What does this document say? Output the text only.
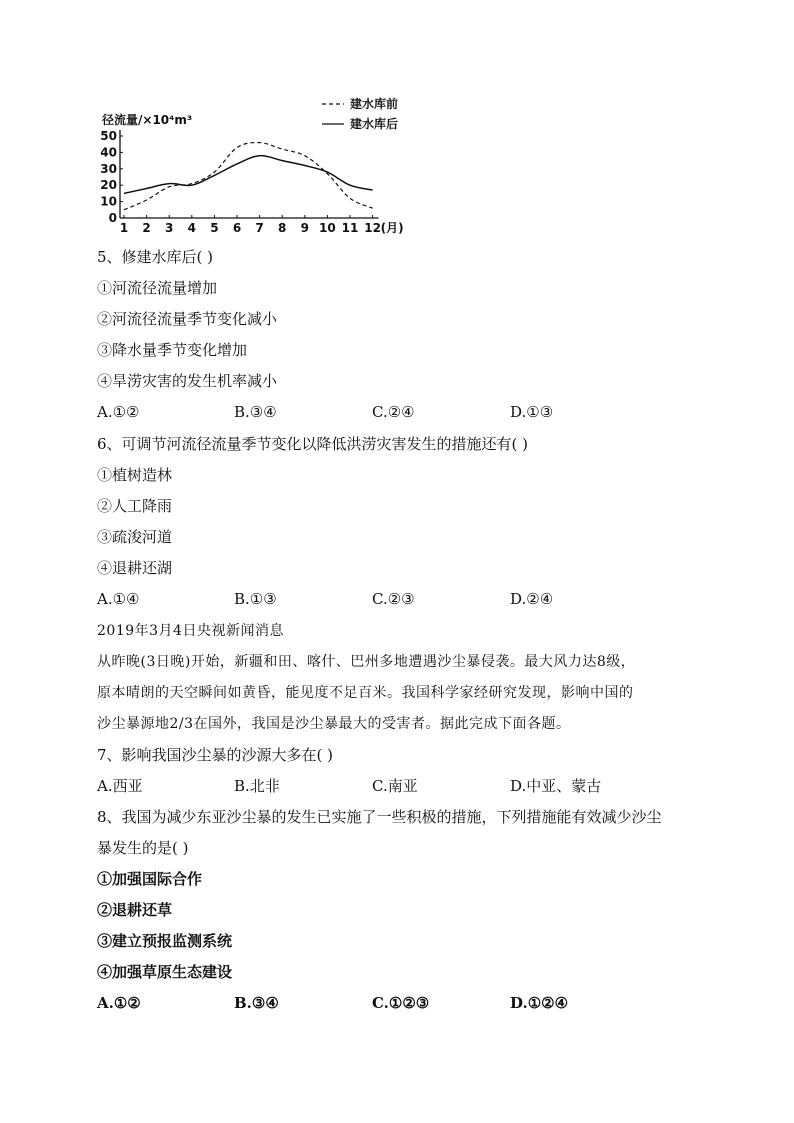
径流量/×10⁴m³
0
10
20
30
40
50
1 2 3 4 5 6 7 8 9 10 11 12 (月)
建水库前
建水库后
5、修建水库后( )
①河流径流量增加
②河流径流量季节变化减小
③降水量季节变化增加
④旱涝灾害的发生机率减小
A.①②	B.③④	C.②④	D.①③
6、可调节河流径流量季节变化以降低洪涝灾害发生的措施还有( )
①植树造林
②人工降雨
③疏浚河道
④退耕还湖
A.①④	B.①③	C.②③	D.②④
2019年3月4日央视新闻消息
从昨晚(3日晚)开始，新疆和田、喀什、巴州多地遭遇沙尘暴侵袭。最大风力达8级，
原本晴朗的天空瞬间如黄昏，能见度不足百米。我国科学家经研究发现，影响中国的
沙尘暴源地2/3在国外，我国是沙尘暴最大的受害者。据此完成下面各题。
7、影响我国沙尘暴的沙源大多在( )
A.西亚	B.北非	C.南亚	D.中亚、蒙古
8、我国为减少东亚沙尘暴的发生已实施了一些积极的措施，下列措施能有效减少沙尘
暴发生的是( )
①加强国际合作
②退耕还草
③建立预报监测系统
④加强草原生态建设
A.①②	B.③④	C.①②③	D.①②④
